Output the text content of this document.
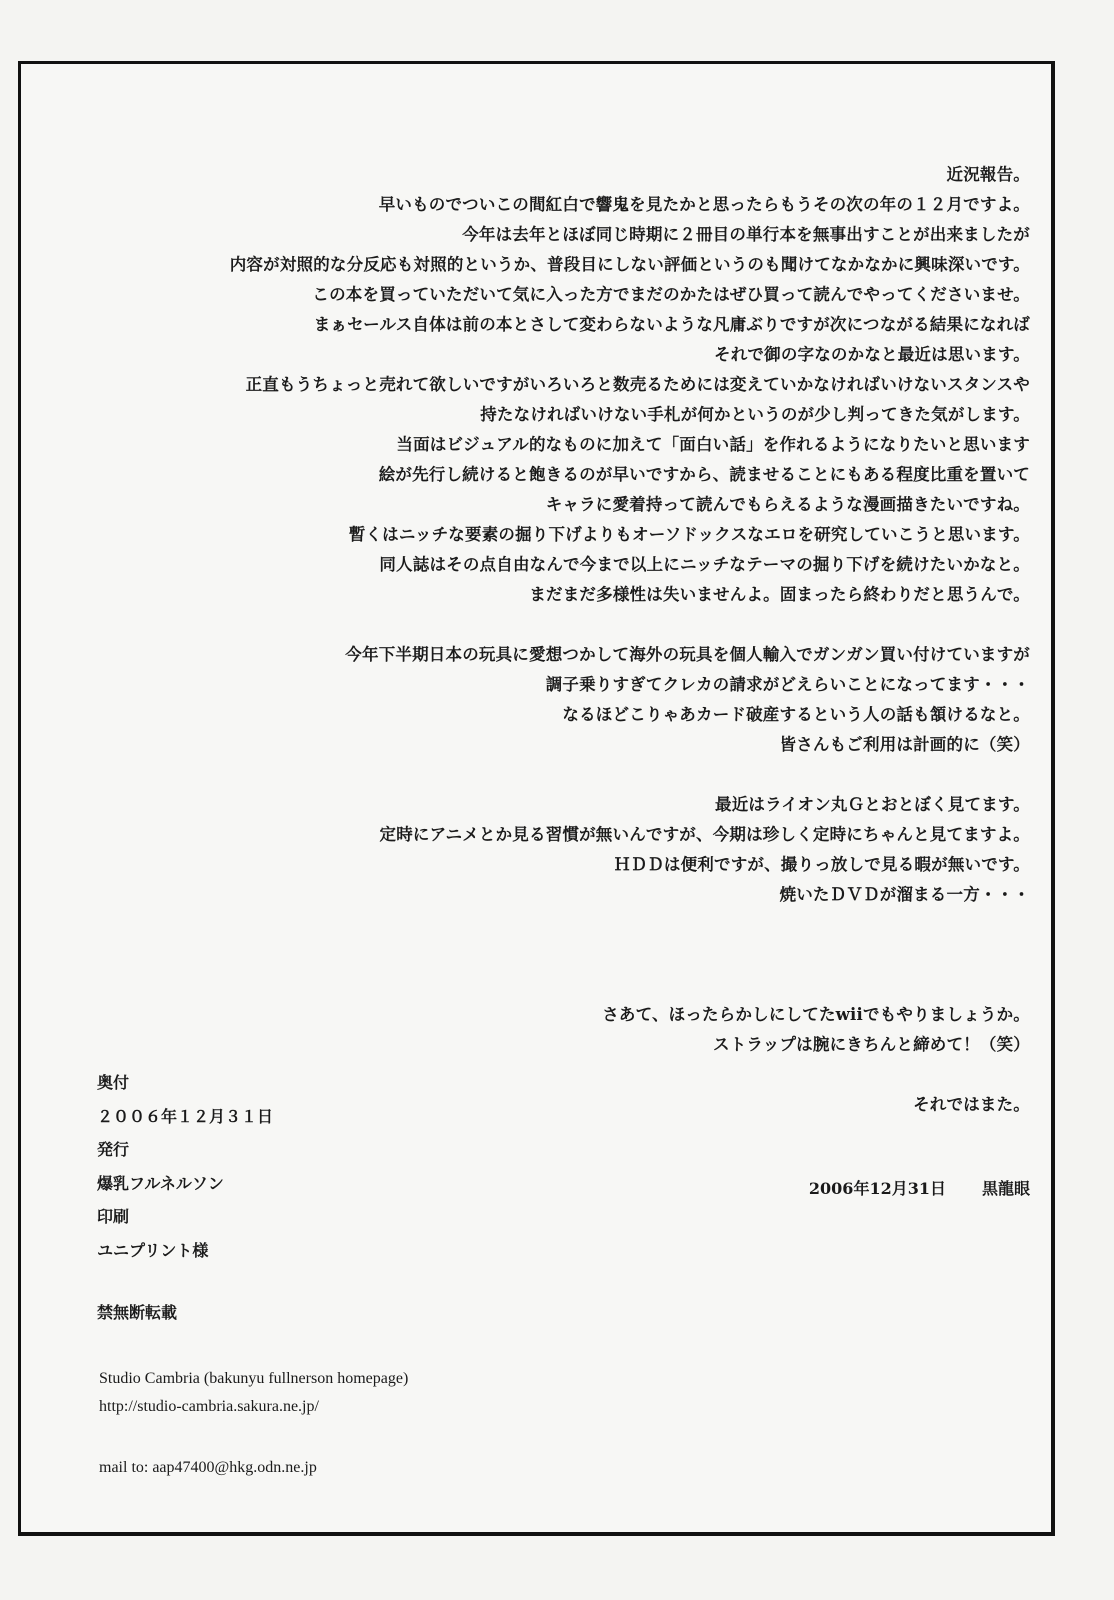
近況報告。

早いものでついこの間紅白で響鬼を見たかと思ったらもうその次の年の１２月ですよ。

今年は去年とほぼ同じ時期に２冊目の単行本を無事出すことが出来ましたが

内容が対照的な分反応も対照的というか、普段目にしない評価というのも聞けてなかなかに興味深いです。

この本を買っていただいて気に入った方でまだのかたはぜひ買って読んでやってくださいませ。

まぁセールス自体は前の本とさして変わらないような凡庸ぶりですが次につながる結果になれば

それで御の字なのかなと最近は思います。

正直もうちょっと売れて欲しいですがいろいろと数売るためには変えていかなければいけないスタンスや

持たなければいけない手札が何かというのが少し判ってきた気がします。

当面はビジュアル的なものに加えて「面白い話」を作れるようになりたいと思います

絵が先行し続けると飽きるのが早いですから、読ませることにもある程度比重を置いて

キャラに愛着持って読んでもらえるような漫画描きたいですね。

暫くはニッチな要素の掘り下げよりもオーソドックスなエロを研究していこうと思います。

同人誌はその点自由なんで今まで以上にニッチなテーマの掘り下げを続けたいかなと。

まだまだ多様性は失いませんよ。固まったら終わりだと思うんで。

今年下半期日本の玩具に愛想つかして海外の玩具を個人輸入でガンガン買い付けていますが

調子乗りすぎてクレカの請求がどえらいことになってます・・・

なるほどこりゃあカード破産するという人の話も頷けるなと。

皆さんもご利用は計画的に（笑）

最近はライオン丸Ｇとおとぼく見てます。

定時にアニメとか見る習慣が無いんですが、今期は珍しく定時にちゃんと見てますよ。

ＨＤＤは便利ですが、撮りっ放しで見る暇が無いです。

焼いたＤＶＤが溜まる一方・・・

さあて、ほったらかしにしてたwiiでもやりましょうか。

ストラップは腕にきちんと締めて！（笑）

それではまた。

2006年12月31日 黒龍眼

奥付

２００６年１２月３１日

発行

爆乳フルネルソン

印刷

ユニプリント様

禁無断転載

Studio Cambria (bakunyu fullnerson homepage)

http://studio-cambria.sakura.ne.jp/

mail to: aap47400@hkg.odn.ne.jp
